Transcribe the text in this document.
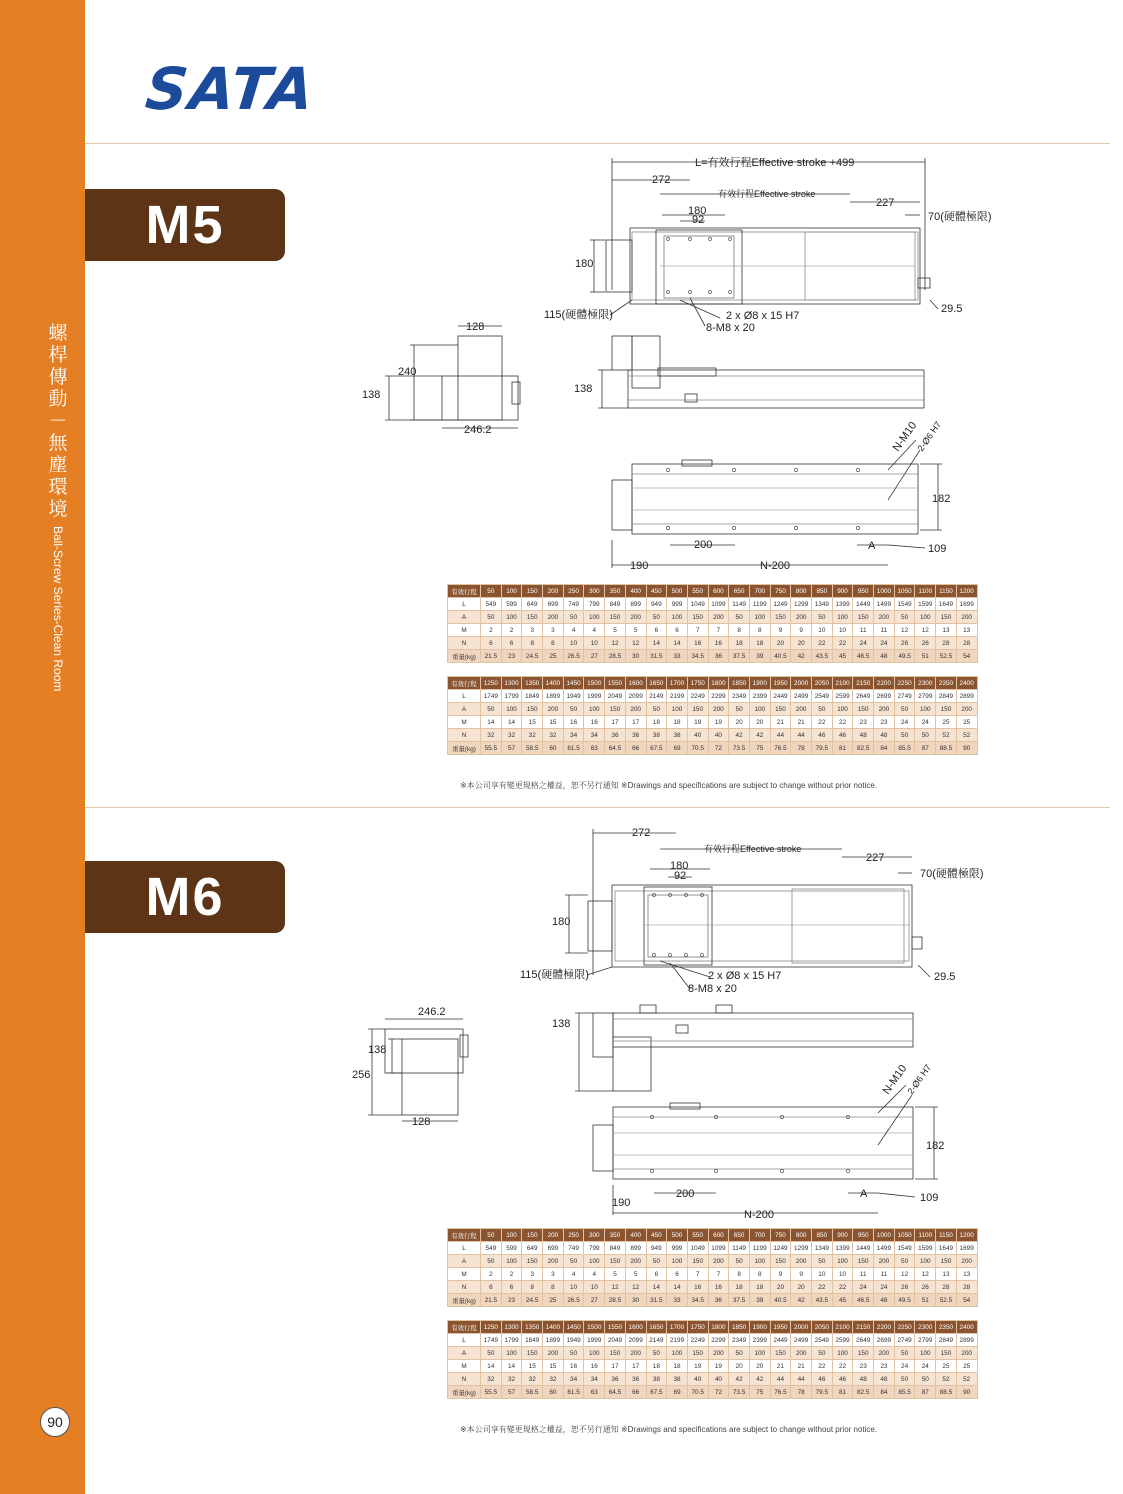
螺桿傳動－無塵環境
Ball-Screw Series-Clean Room
90
SATA
M5
L=有效行程Effective stroke +499
272
有效行程Effective stroke
227
180
92	70(硬體極限)
180
115(硬體極限)	2 x Ø8 x 15 H7
8-M8 x 20
29.5
128
240
138
246.2
138
N-M10
2-Ø6 H7
182
200	A	109
190	N-200
有效行程	50	100	150	200	250	300	350	400	450	500	550	600	650	700	750	800	850	900	950	1000	1050	1100	1150	1200
L	549	599	649	699	749	799	849	899	949	999	1049	1099	1149	1199	1249	1299	1349	1399	1449	1499	1549	1599	1649	1699
A	50	100	150	200	50	100	150	200	50	100	150	200	50	100	150	200	50	100	150	200	50	100	150	200
M	2	2	3	3	4	4	5	5	6	6	7	7	8	8	9	9	10	10	11	11	12	12	13	13
N	6	6	8	8	10	10	12	12	14	14	16	16	18	18	20	20	22	22	24	24	26	26	28	28
重量(kg)	21.5	23	24.5	25	26.5	27	28.5	30	31.5	33	34.5	36	37.5	39	40.5	42	43.5	45	46.5	48	49.5	51	52.5	54
有效行程	1250	1300	1350	1400	1450	1500	1550	1600	1650	1700	1750	1800	1850	1900	1950	2000	2050	2100	2150	2200	2250	2300	2350	2400
L	1749	1799	1849	1899	1949	1999	2049	2099	2149	2199	2249	2299	2349	2399	2449	2499	2549	2599	2649	2699	2749	2799	2849	2899
A	50	100	150	200	50	100	150	200	50	100	150	200	50	100	150	200	50	100	150	200	50	100	150	200
M	14	14	15	15	16	16	17	17	18	18	19	19	20	20	21	21	22	22	23	23	24	24	25	25
N	32	32	32	32	34	34	36	36	38	38	40	40	42	42	44	44	46	46	48	48	50	50	52	52
重量(kg)	55.5	57	58.5	60	61.5	63	64.5	66	67.5	69	70.5	72	73.5	75	76.5	78	79.5	81	82.5	84	85.5	87	88.5	90
※本公司享有變更規格之權益，恕不另行通知 ※Drawings and specifications are subject to change without prior notice.
M6
272
有效行程Effective stroke
227
180
92	70(硬體極限)
180
115(硬體極限)	2 x Ø8 x 15 H7
8-M8 x 20
29.5
246.2
138
256
128
138
N-M10
2-Ø6 H7
182
200	A	109
190
N-200
有效行程	50	100	150	200	250	300	350	400	450	500	550	600	650	700	750	800	850	900	950	1000	1050	1100	1150	1200
L	549	599	649	699	749	799	849	899	949	999	1049	1099	1149	1199	1249	1299	1349	1399	1449	1499	1549	1599	1649	1699
A	50	100	150	200	50	100	150	200	50	100	150	200	50	100	150	200	50	100	150	200	50	100	150	200
M	2	2	3	3	4	4	5	5	6	6	7	7	8	8	9	9	10	10	11	11	12	12	13	13
N	6	6	8	8	10	10	12	12	14	14	16	16	18	18	20	20	22	22	24	24	26	26	28	28
重量(kg)	21.5	23	24.5	25	26.5	27	28.5	30	31.5	33	34.5	36	37.5	39	40.5	42	43.5	45	46.5	48	49.5	51	52.5	54
有效行程	1250	1300	1350	1400	1450	1500	1550	1600	1650	1700	1750	1800	1850	1900	1950	2000	2050	2100	2150	2200	2250	2300	2350	2400
L	1749	1799	1849	1899	1949	1999	2049	2099	2149	2199	2249	2299	2349	2399	2449	2499	2549	2599	2649	2699	2749	2799	2849	2899
A	50	100	150	200	50	100	150	200	50	100	150	200	50	100	150	200	50	100	150	200	50	100	150	200
M	14	14	15	15	16	16	17	17	18	18	19	19	20	20	21	21	22	22	23	23	24	24	25	25
N	32	32	32	32	34	34	36	36	38	38	40	40	42	42	44	44	46	46	48	48	50	50	52	52
重量(kg)	55.5	57	58.5	60	61.5	63	64.5	66	67.5	69	70.5	72	73.5	75	76.5	78	79.5	81	82.5	84	85.5	87	88.5	90
※本公司享有變更規格之權益，恕不另行通知 ※Drawings and specifications are subject to change without prior notice.
